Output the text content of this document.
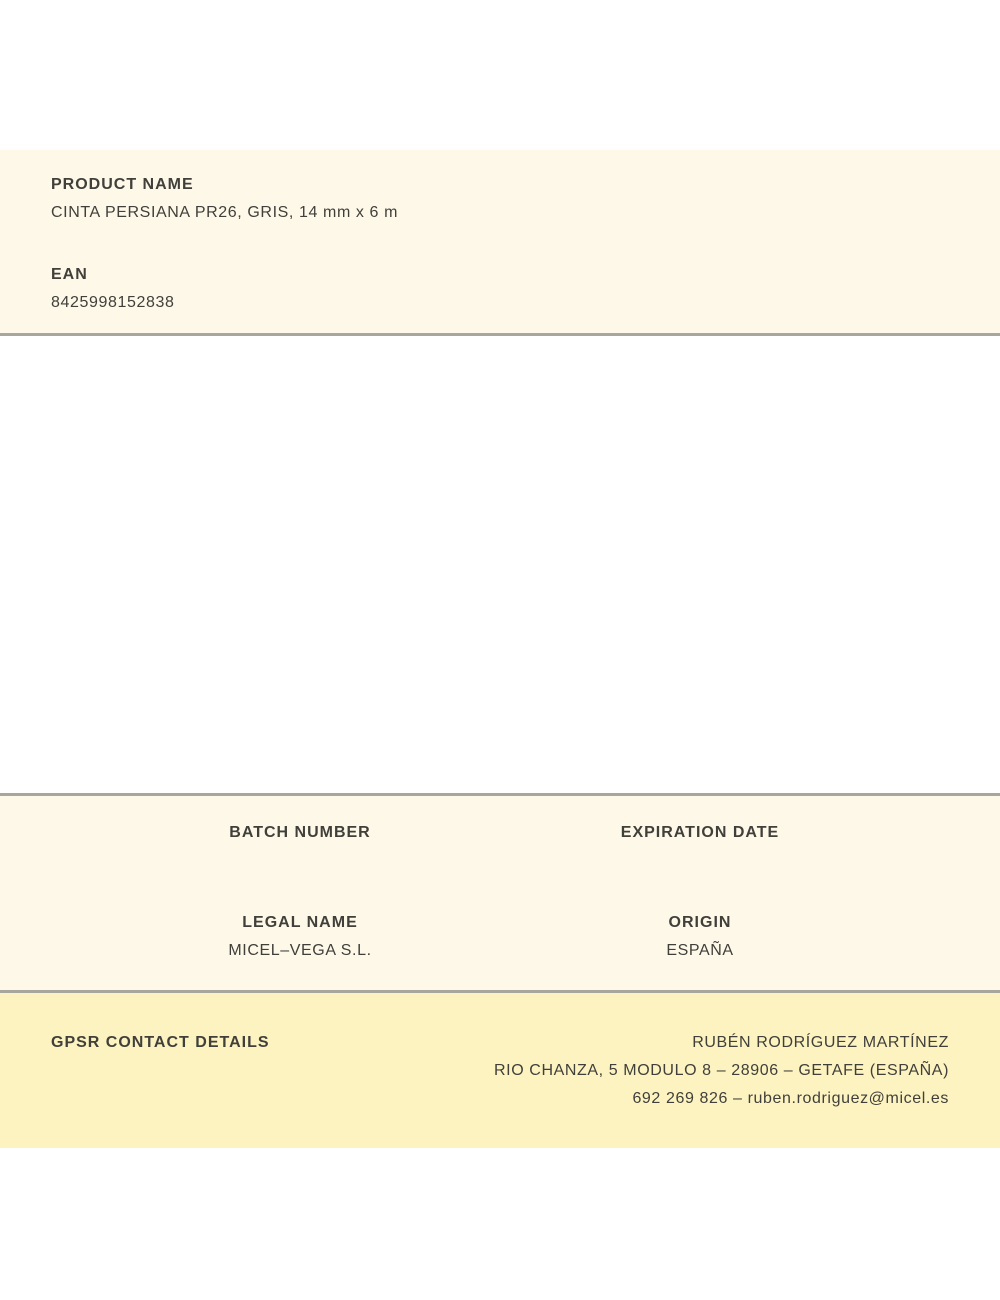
PRODUCT NAME
CINTA PERSIANA PR26, GRIS, 14 mm x 6 m
EAN
8425998152838
BATCH NUMBER	EXPIRATION DATE
LEGAL NAME
MICEL–VEGA S.L.
ORIGIN
ESPAÑA
GPSR CONTACT DETAILS	RUBÉN RODRÍGUEZ MARTÍNEZ
RIO CHANZA, 5 MODULO 8 – 28906 – GETAFE (ESPAÑA)
692 269 826 – ruben.rodriguez@micel.es
